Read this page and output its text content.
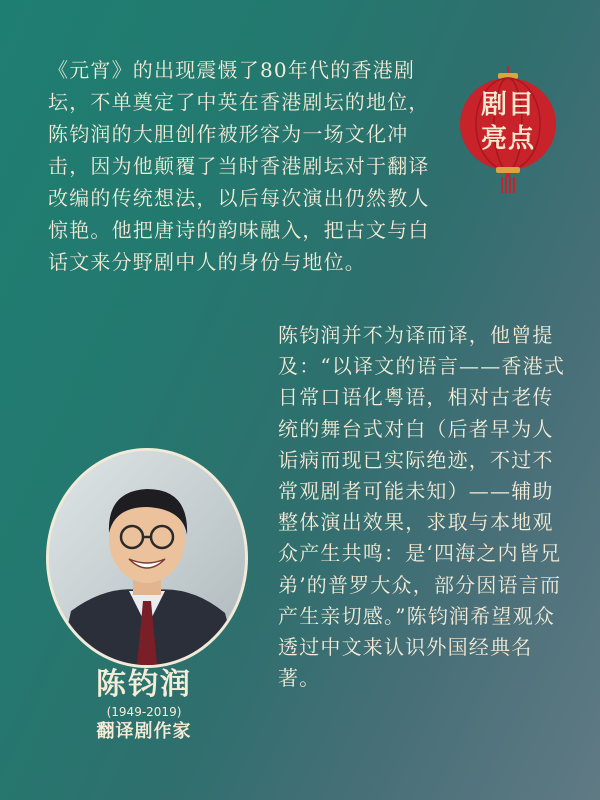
《元宵》的出现震慑了80年代的香港剧坛，不单奠定了中英在香港剧坛的地位，陈钧润的大胆创作被形容为一场文化冲击，因为他颠覆了当时香港剧坛对于翻译改编的传统想法，以后每次演出仍然教人惊艳。他把唐诗的韵味融入，把古文与白话文来分野剧中人的身份与地位。

剧目
亮点

陈钧润并不为译而译，他曾提及：“以译文的语言——香港式日常口语化粤语，相对古老传统的舞台式对白（后者早为人诟病而现已实际绝迹，不过不常观剧者可能未知）——辅助整体演出效果，求取与本地观众产生共鸣：是‘四海之内皆兄弟’的普罗大众，部分因语言而产生亲切感。”陈钧润希望观众透过中文来认识外国经典名著。

陈钧润
(1949-2019)
翻译剧作家
